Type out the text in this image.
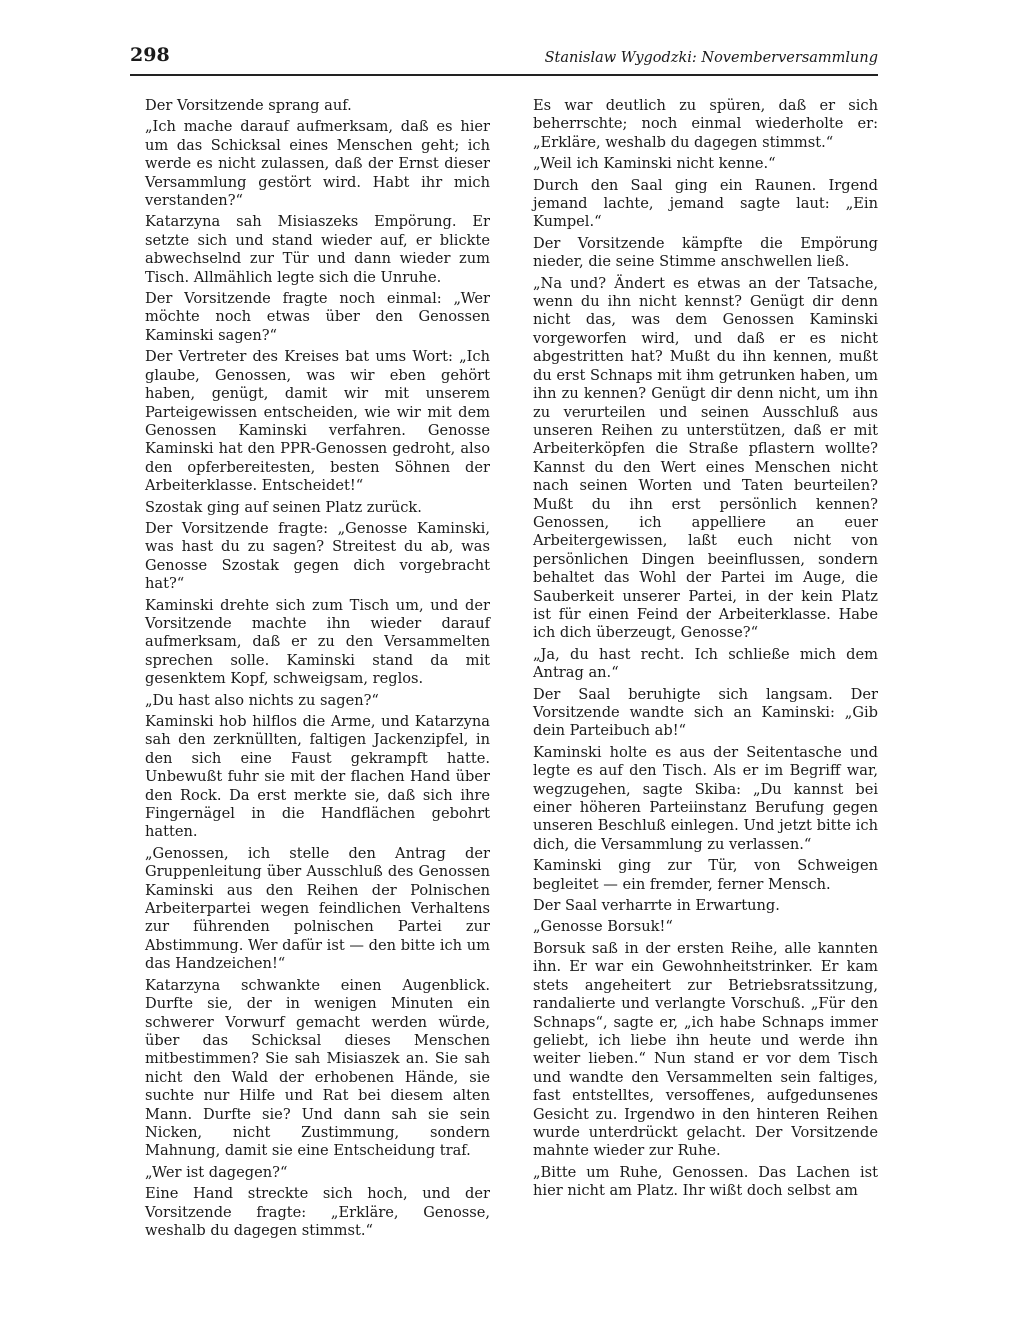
298	Stanislaw Wygodzki: Novemberversammlung

Der Vorsitzende sprang auf.

„Ich mache darauf aufmerksam, daß es hier um das Schicksal eines Menschen geht; ich werde es nicht zulassen, daß der Ernst dieser Versammlung gestört wird. Habt ihr mich verstanden?“

Katarzyna sah Misiaszeks Empörung. Er setzte sich und stand wieder auf, er blickte abwechselnd zur Tür und dann wieder zum Tisch. Allmählich legte sich die Unruhe.

Der Vorsitzende fragte noch einmal: „Wer möchte noch etwas über den Genossen Kaminski sagen?“

Der Vertreter des Kreises bat ums Wort: „Ich glaube, Genossen, was wir eben gehört haben, genügt, damit wir mit unserem Parteigewissen entscheiden, wie wir mit dem Genossen Kaminski verfahren. Genosse Kaminski hat den PPR-Genossen gedroht, also den opferbereitesten, besten Söhnen der Arbeiterklasse. Entscheidet!“

Szostak ging auf seinen Platz zurück.

Der Vorsitzende fragte: „Genosse Kaminski, was hast du zu sagen? Streitest du ab, was Genosse Szostak gegen dich vorgebracht hat?“

Kaminski drehte sich zum Tisch um, und der Vorsitzende machte ihn wieder darauf aufmerksam, daß er zu den Versammelten sprechen solle. Kaminski stand da mit gesenktem Kopf, schweigsam, reglos.

„Du hast also nichts zu sagen?“

Kaminski hob hilflos die Arme, und Katarzyna sah den zerknüllten, faltigen Jackenzipfel, in den sich eine Faust gekrampft hatte. Unbewußt fuhr sie mit der flachen Hand über den Rock. Da erst merkte sie, daß sich ihre Fingernägel in die Handflächen gebohrt hatten.

„Genossen, ich stelle den Antrag der Gruppenleitung über Ausschluß des Genossen Kaminski aus den Reihen der Polnischen Arbeiterpartei wegen feindlichen Verhaltens zur führenden polnischen Partei zur Abstimmung. Wer dafür ist — den bitte ich um das Handzeichen!“

Katarzyna schwankte einen Augenblick. Durfte sie, der in wenigen Minuten ein schwerer Vorwurf gemacht werden würde, über das Schicksal dieses Menschen mitbestimmen? Sie sah Misiaszek an. Sie sah nicht den Wald der erhobenen Hände, sie suchte nur Hilfe und Rat bei diesem alten Mann. Durfte sie? Und dann sah sie sein Nicken, nicht Zustimmung, sondern Mahnung, damit sie eine Entscheidung traf.

„Wer ist dagegen?“

Eine Hand streckte sich hoch, und der Vorsitzende fragte: „Erkläre, Genosse, weshalb du dagegen stimmst.“

Es war deutlich zu spüren, daß er sich beherrschte; noch einmal wiederholte er: „Erkläre, weshalb du dagegen stimmst.“

„Weil ich Kaminski nicht kenne.“

Durch den Saal ging ein Raunen. Irgend jemand lachte, jemand sagte laut: „Ein Kumpel.“

Der Vorsitzende kämpfte die Empörung nieder, die seine Stimme anschwellen ließ.

„Na und? Ändert es etwas an der Tatsache, wenn du ihn nicht kennst? Genügt dir denn nicht das, was dem Genossen Kaminski vorgeworfen wird, und daß er es nicht abgestritten hat? Mußt du ihn kennen, mußt du erst Schnaps mit ihm getrunken haben, um ihn zu kennen? Genügt dir denn nicht, um ihn zu verurteilen und seinen Ausschluß aus unseren Reihen zu unterstützen, daß er mit Arbeiterköpfen die Straße pflastern wollte? Kannst du den Wert eines Menschen nicht nach seinen Worten und Taten beurteilen? Mußt du ihn erst persönlich kennen? Genossen, ich appelliere an euer Arbeitergewissen, laßt euch nicht von persönlichen Dingen beeinflussen, sondern behaltet das Wohl der Partei im Auge, die Sauberkeit unserer Partei, in der kein Platz ist für einen Feind der Arbeiterklasse. Habe ich dich überzeugt, Genosse?“

„Ja, du hast recht. Ich schließe mich dem Antrag an.“

Der Saal beruhigte sich langsam. Der Vorsitzende wandte sich an Kaminski: „Gib dein Parteibuch ab!“

Kaminski holte es aus der Seitentasche und legte es auf den Tisch. Als er im Begriff war, wegzugehen, sagte Skiba: „Du kannst bei einer höheren Parteiinstanz Berufung gegen unseren Beschluß einlegen. Und jetzt bitte ich dich, die Versammlung zu verlassen.“

Kaminski ging zur Tür, von Schweigen begleitet — ein fremder, ferner Mensch.

Der Saal verharrte in Erwartung.

„Genosse Borsuk!“

Borsuk saß in der ersten Reihe, alle kannten ihn. Er war ein Gewohnheitstrinker. Er kam stets angeheitert zur Betriebsratssitzung, randalierte und verlangte Vorschuß. „Für den Schnaps“, sagte er, „ich habe Schnaps immer geliebt, ich liebe ihn heute und werde ihn weiter lieben.“ Nun stand er vor dem Tisch und wandte den Versammelten sein faltiges, fast entstelltes, versoffenes, aufgedunsenes Gesicht zu. Irgendwo in den hinteren Reihen wurde unterdrückt gelacht. Der Vorsitzende mahnte wieder zur Ruhe.

„Bitte um Ruhe, Genossen. Das Lachen ist hier nicht am Platz. Ihr wißt doch selbst am
